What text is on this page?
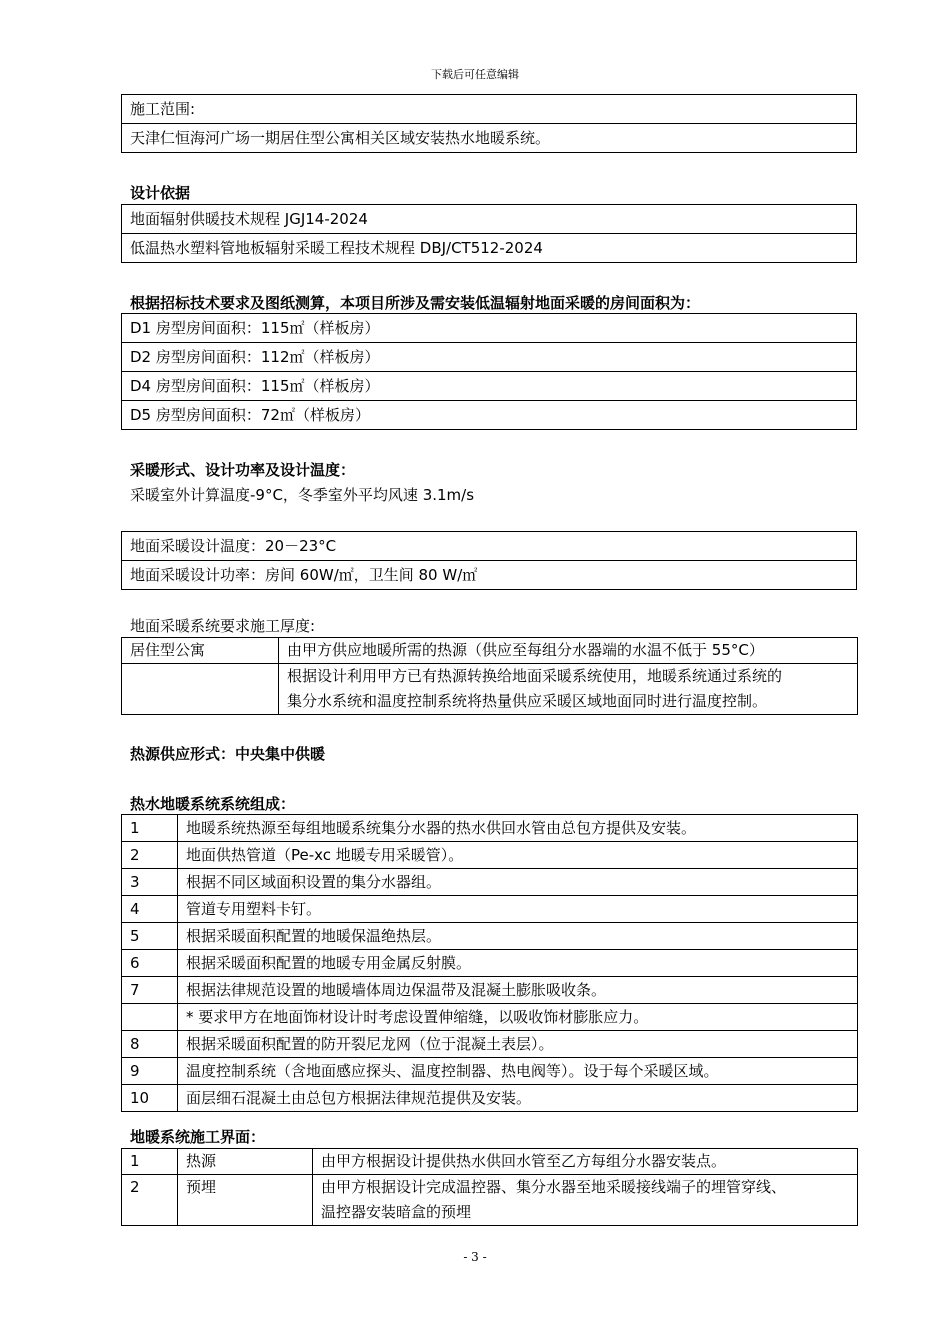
下载后可任意编辑
施工范围:
天津仁恒海河广场一期居住型公寓相关区域安装热水地暖系统。
设计依据
地面辐射供暖技术规程 JGJ14-2024
低温热水塑料管地板辐射采暖工程技术规程 DBJ/CT512-2024
根据招标技术要求及图纸测算，本项目所涉及需安装低温辐射地面采暖的房间面积为：
D1 房型房间面积：115㎡（样板房）
D2 房型房间面积：112㎡（样板房）
D4 房型房间面积：115㎡（样板房）
D5 房型房间面积：72㎡（样板房）
采暖形式、设计功率及设计温度：
采暖室外计算温度-9°C，冬季室外平均风速 3.1m/s
地面采暖设计温度：20－23°C
地面采暖设计功率：房间 60W/㎡，卫生间 80 W/㎡
地面采暖系统要求施工厚度:
居住型公寓	由甲方供应地暖所需的热源（供应至每组分水器端的水温不低于 55°C）

	根据设计利用甲方已有热源转换给地面采暖系统使用，地暖系统通过系统的
集分水系统和温度控制系统将热量供应采暖区域地面同时进行温度控制。
热源供应形式：中央集中供暖
热水地暖系统系统组成：
1	地暖系统热源至每组地暖系统集分水器的热水供回水管由总包方提供及安装。
2	地面供热管道（Pe-xc 地暖专用采暖管）。
3	根据不同区域面积设置的集分水器组。
4	管道专用塑料卡钉。
5	根据采暖面积配置的地暖保温绝热层。
6	根据采暖面积配置的地暖专用金属反射膜。
7	根据法律规范设置的地暖墙体周边保温带及混凝土膨胀吸收条。
	* 要求甲方在地面饰材设计时考虑设置伸缩缝，以吸收饰材膨胀应力。
8	根据采暖面积配置的防开裂尼龙网（位于混凝土表层）。
9	温度控制系统（含地面感应探头、温度控制器、热电阀等）。设于每个采暖区域。
10	面层细石混凝土由总包方根据法律规范提供及安装。
地暖系统施工界面：
1	热源	由甲方根据设计提供热水供回水管至乙方每组分水器安装点。
2	预埋	由甲方根据设计完成温控器、集分水器至地采暖接线端子的埋管穿线、
温控器安装暗盒的预埋
- 3 -
